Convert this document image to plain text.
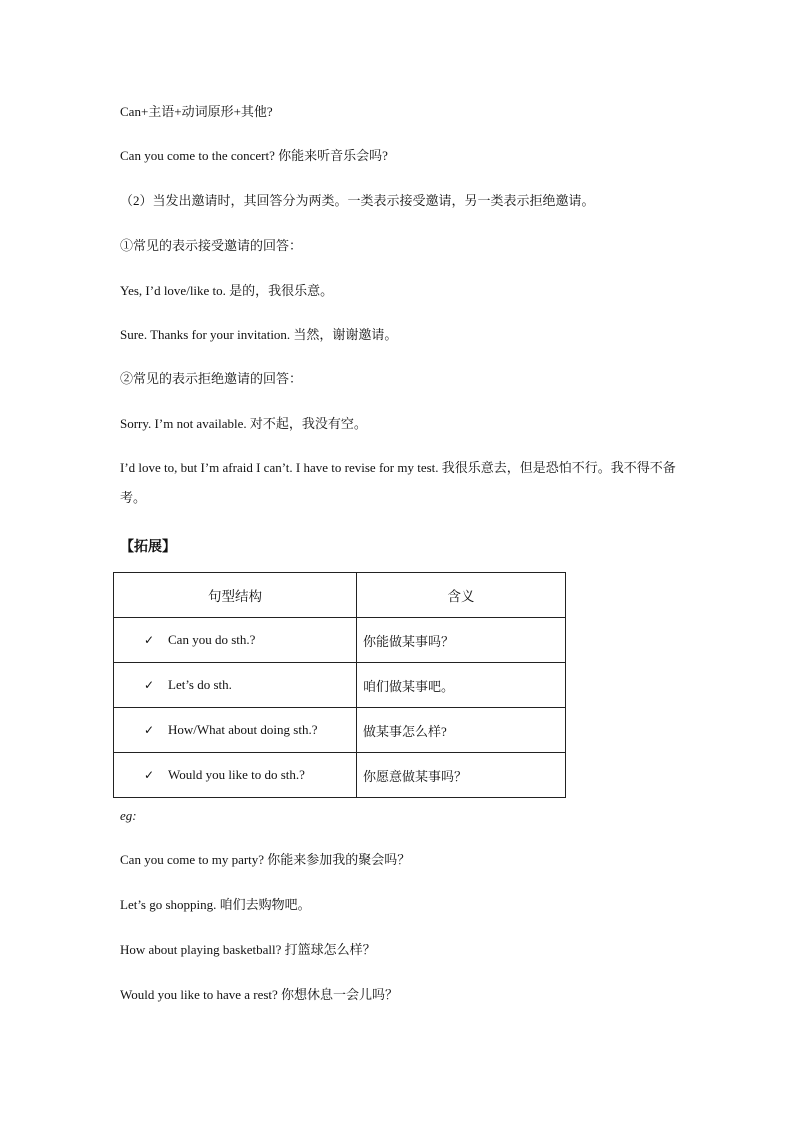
Can+主语+动词原形+其他?
Can you come to the concert? 你能来听音乐会吗?
（2）当发出邀请时，其回答分为两类。一类表示接受邀请，另一类表示拒绝邀请。
①常见的表示接受邀请的回答：
Yes, I’d love/like to. 是的，我很乐意。
Sure. Thanks for your invitation. 当然，谢谢邀请。
②常见的表示拒绝邀请的回答：
Sorry. I’m not available. 对不起，我没有空。
I’d love to, but I’m afraid I can’t. I have to revise for my test. 我很乐意去，但是恐怕不行。我不得不备考。
【拓展】
句型结构	含义
✓ Can you do sth.?	你能做某事吗？
✓ Let’s do sth.	咱们做某事吧。
✓ How/What about doing sth.?	做某事怎么样?
✓ Would you like to do sth.?	你愿意做某事吗？
eg:
Can you come to my party? 你能来参加我的聚会吗？
Let’s go shopping. 咱们去购物吧。
How about playing basketball? 打篮球怎么样？
Would you like to have a rest? 你想休息一会儿吗？
